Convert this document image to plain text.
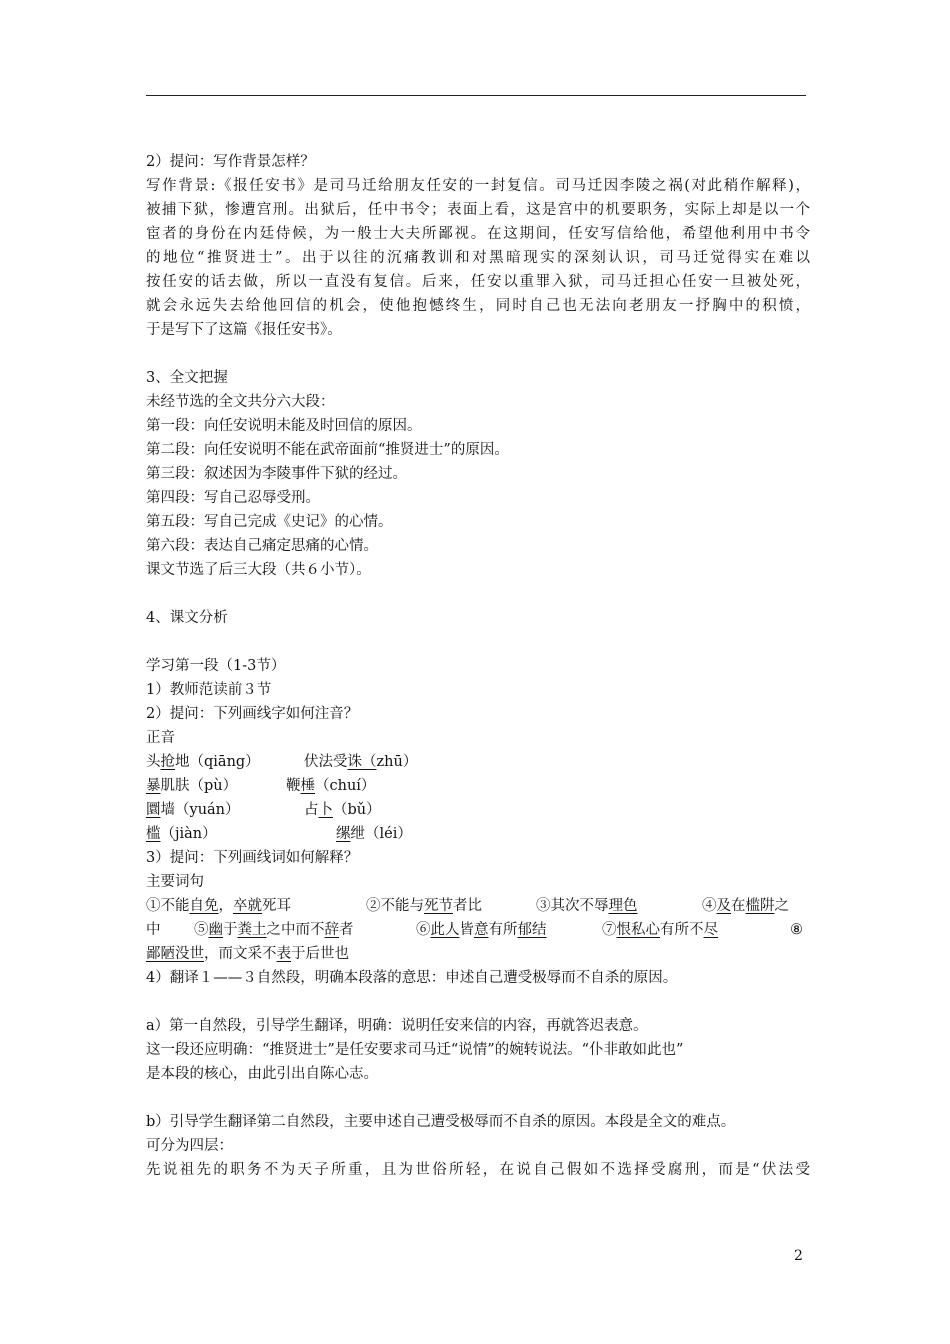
2）提问：写作背景怎样？
写作背景:《报任安书》是司马迁给朋友任安的一封复信。司马迁因李陵之祸(对此稍作解释)，
被捕下狱，惨遭宫刑。出狱后，任中书令；表面上看，这是宫中的机要职务，实际上却是以一个
宦者的身份在内廷侍候，为一般士大夫所鄙视。在这期间，任安写信给他，希望他利用中书令
的地位“推贤进士”。出于以往的沉痛教训和对黑暗现实的深刻认识，司马迁觉得实在难以
按任安的话去做，所以一直没有复信。后来，任安以重罪入狱，司马迁担心任安一旦被处死，
就会永远失去给他回信的机会，使他抱憾终生，同时自己也无法向老朋友一抒胸中的积愤，
于是写下了这篇《报任安书》。
3、全文把握
未经节选的全文共分六大段：
第一段：向任安说明未能及时回信的原因。
第二段：向任安说明不能在武帝面前“推贤进士”的原因。
第三段：叙述因为李陵事件下狱的经过。
第四段：写自己忍辱受刑。
第五段：写自己完成《史记》的心情。
第六段：表达自己痛定思痛的心情。
课文节选了后三大段（共６小节）。
4、课文分析
学习第一段（1-3节）
1）教师范读前３节
2）提问：下列画线字如何注音？
正音
头抢地（qiāng）	伏法受诛（zhū）
暴肌肤（pù）	鞭棰（chuí）
圜墙（yuán）	占卜（bǔ）
槛（jiàn）	缧绁（léi）
3）提问：下列画线词如何解释？
主要词句
①不能自免，卒就死耳	②不能与死节者比	③其次不辱理色	④及在槛阱之
中 ⑤幽于粪土之中而不辞者	⑥此人皆意有所郁结	⑦恨私心有所不尽	⑧
鄙陋没世，而文采不表于后世也
4）翻译１——３自然段，明确本段落的意思：申述自己遭受极辱而不自杀的原因。
a）第一自然段，引导学生翻译，明确：说明任安来信的内容，再就答迟表意。
这一段还应明确：“推贤进士”是任安要求司马迁“说情”的婉转说法。“仆非敢如此也”
是本段的核心，由此引出自陈心志。
b）引导学生翻译第二自然段，主要申述自己遭受极辱而不自杀的原因。本段是全文的难点。
可分为四层：
先说祖先的职务不为天子所重，且为世俗所轻，在说自己假如不选择受腐刑，而是“伏法受
2
